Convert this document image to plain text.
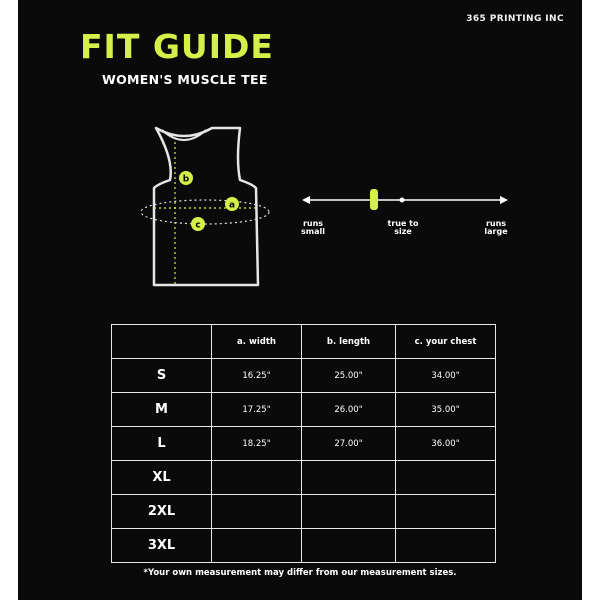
365 PRINTING INC
FIT GUIDE
WOMEN'S MUSCLE TEE
b
a
c	runs
small
true to
size
runs
large
	a. width	b. length	c. your chest
S	16.25"	25.00"	34.00"
M	17.25"	26.00"	35.00"
L	18.25"	27.00"	36.00"
XL			
2XL			
3XL			
*Your own measurement may differ from our measurement sizes.
